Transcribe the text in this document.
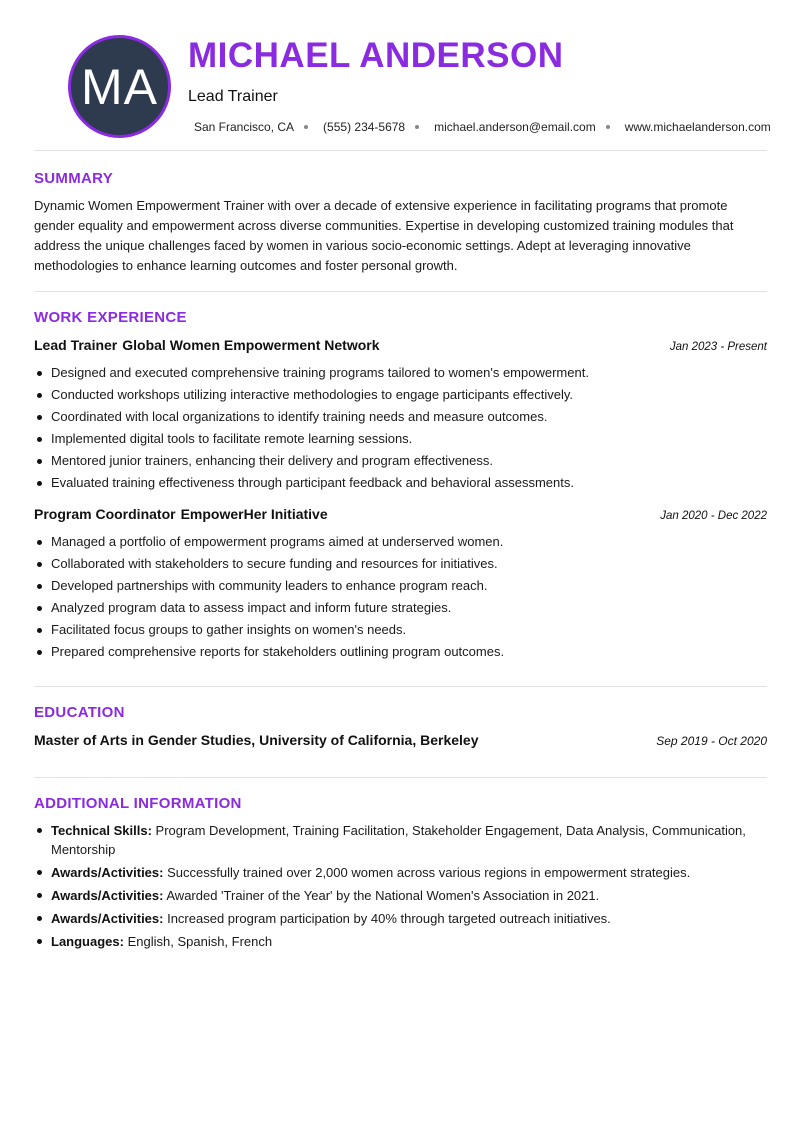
MA
MICHAEL ANDERSON
Lead Trainer
San Francisco, CA (555) 234-5678 michael.anderson@email.com www.michaelanderson.com
SUMMARY
Dynamic Women Empowerment Trainer with over a decade of extensive experience in facilitating programs that promote gender equality and empowerment across diverse communities. Expertise in developing customized training modules that address the unique challenges faced by women in various socio-economic settings. Adept at leveraging innovative methodologies to enhance learning outcomes and foster personal growth.
WORK EXPERIENCE
Lead Trainer Global Women Empowerment Network	Jan 2023 - Present
Designed and executed comprehensive training programs tailored to women's empowerment.
Conducted workshops utilizing interactive methodologies to engage participants effectively.
Coordinated with local organizations to identify training needs and measure outcomes.
Implemented digital tools to facilitate remote learning sessions.
Mentored junior trainers, enhancing their delivery and program effectiveness.
Evaluated training effectiveness through participant feedback and behavioral assessments.
Program Coordinator EmpowerHer Initiative	Jan 2020 - Dec 2022
Managed a portfolio of empowerment programs aimed at underserved women.
Collaborated with stakeholders to secure funding and resources for initiatives.
Developed partnerships with community leaders to enhance program reach.
Analyzed program data to assess impact and inform future strategies.
Facilitated focus groups to gather insights on women's needs.
Prepared comprehensive reports for stakeholders outlining program outcomes.
EDUCATION
Master of Arts in Gender Studies, University of California, Berkeley	Sep 2019 - Oct 2020
ADDITIONAL INFORMATION
Technical Skills: Program Development, Training Facilitation, Stakeholder Engagement, Data Analysis, Communication, Mentorship
Awards/Activities: Successfully trained over 2,000 women across various regions in empowerment strategies.
Awards/Activities: Awarded 'Trainer of the Year' by the National Women's Association in 2021.
Awards/Activities: Increased program participation by 40% through targeted outreach initiatives.
Languages: English, Spanish, French
